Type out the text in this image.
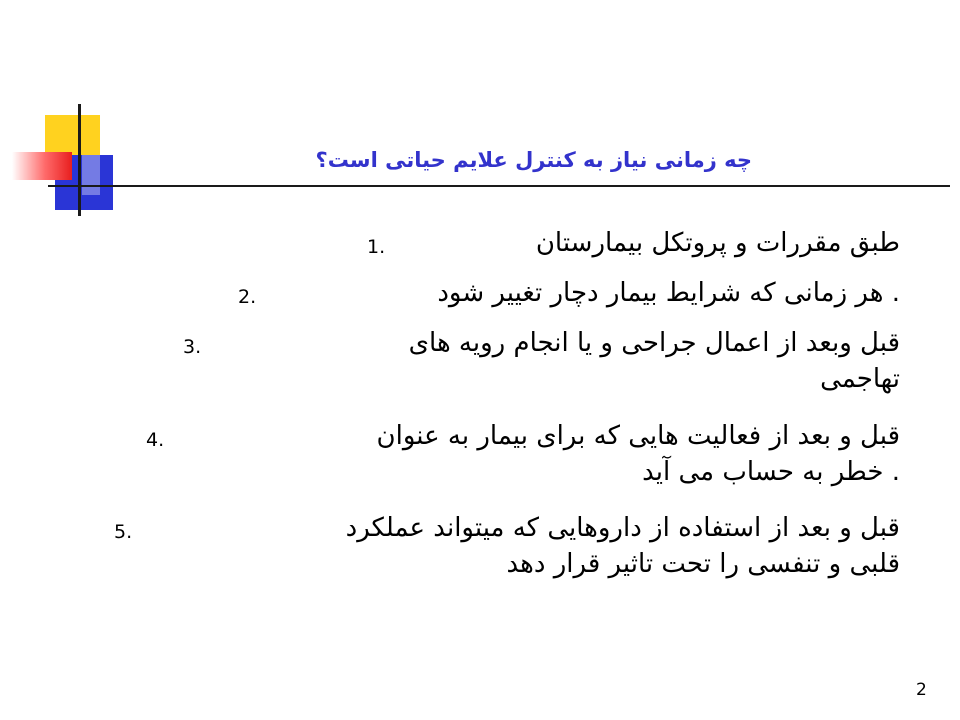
چه زمانی نیاز به کنترل علایم حیاتی است؟
طبق مقررات و پروتکل بیمارستان
1.
. هر زمانی که شرایط بیمار دچار تغییر شود
2.
قبل وبعد از اعمال جراحی و یا انجام رویه های
تهاجمی
3.
قبل و بعد از فعالیت هایی که برای بیمار به عنوان
. خطر به حساب می آید
4.
قبل و بعد از استفاده از داروهایی که میتواند عملکرد
قلبی و تنفسی را تحت تاثیر قرار دهد
5.
2
